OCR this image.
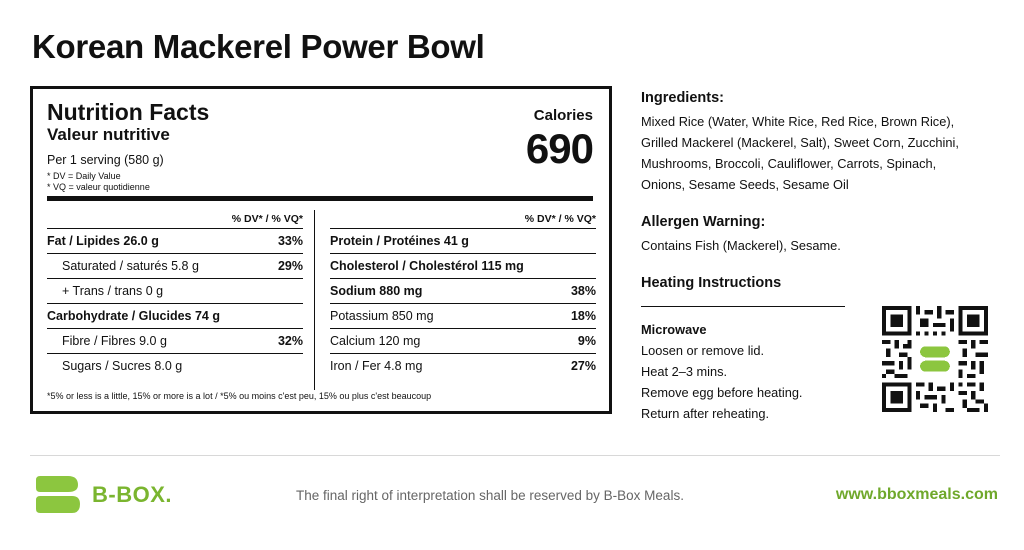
Korean Mackerel Power Bowl
Nutrition Facts
Valeur nutritive
Per 1 serving (580 g)
* DV = Daily Value
* VQ = valeur quotidienne
Calories
690
% DV* / % VQ*
Fat / Lipides 26.0 g	33%
Saturated / saturés 5.8 g	29%
+ Trans / trans 0 g
Carbohydrate / Glucides 74 g
Fibre / Fibres 9.0 g	32%
Sugars / Sucres 8.0 g
% DV* / % VQ*
Protein / Protéines 41 g
Cholesterol / Cholestérol 115 mg
Sodium 880 mg	38%
Potassium 850 mg	18%
Calcium 120 mg	9%
Iron / Fer 4.8 mg	27%
*5% or less is a little, 15% or more is a lot / *5% ou moins c'est peu, 15% ou plus c'est beaucoup
Ingredients:
Mixed Rice (Water, White Rice, Red Rice, Brown Rice),
Grilled Mackerel (Mackerel, Salt), Sweet Corn, Zucchini,
Mushrooms, Broccoli, Cauliflower, Carrots, Spinach,
Onions, Sesame Seeds, Sesame Oil
Allergen Warning:
Contains Fish (Mackerel), Sesame.
Heating Instructions
Microwave
Loosen or remove lid.
Heat 2–3 mins.
Remove egg before heating.
Return after reheating.
B-BOX.	The final right of interpretation shall be reserved by B-Box Meals.	www.bboxmeals.com
